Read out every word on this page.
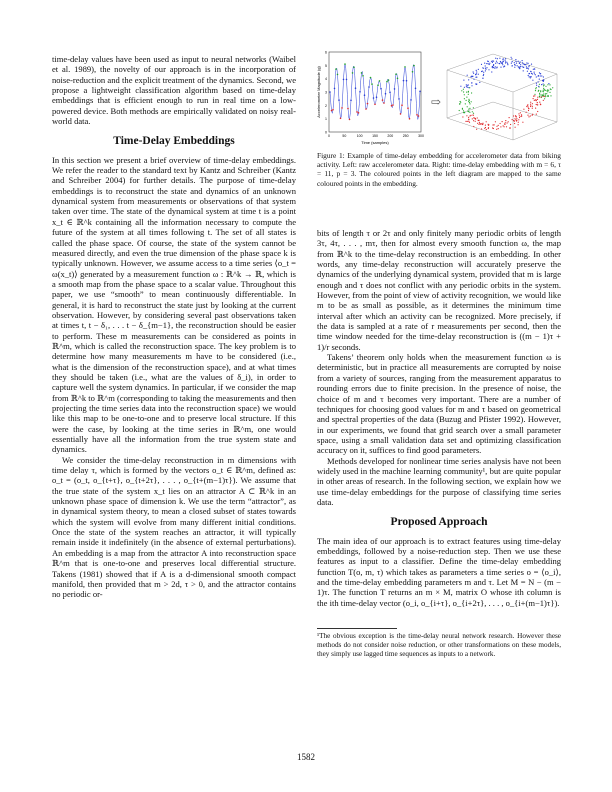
time-delay values have been used as input to neural networks (Waibel et al. 1989), the novelty of our approach is in the incorporation of noise-reduction and the explicit treatment of the dynamics. Second, we propose a lightweight classification algorithm based on time-delay embeddings that is efficient enough to run in real time on a low-powered device. Both methods are empirically validated on noisy real-world data.

Time-Delay Embeddings

In this section we present a brief overview of time-delay embeddings. We refer the reader to the standard text by Kantz and Schreiber (Kantz and Schreiber 2004) for further details. The purpose of time-delay embeddings is to reconstruct the state and dynamics of an unknown dynamical system from measurements or observations of that system taken over time. The state of the dynamical system at time t is a point x_t ∈ ℝ^k containing all the information necessary to compute the future of the system at all times following t. The set of all states is called the phase space. Of course, the state of the system cannot be measured directly, and even the true dimension of the phase space k is typically unknown. However, we assume access to a time series ⟨o_t = ω(x_t)⟩ generated by a measurement function ω : ℝ^k → ℝ, which is a smooth map from the phase space to a scalar value. Throughout this paper, we use “smooth” to mean continuously differentiable. In general, it is hard to reconstruct the state just by looking at the current observation. However, by considering several past observations taken at times t, t − δ₁, . . . t − δ_{m−1}, the reconstruction should be easier to perform. These m measurements can be considered as points in ℝ^m, which is called the reconstruction space. The key problem is to determine how many measurements m have to be considered (i.e., what is the dimension of the reconstruction space), and at what times they should be taken (i.e., what are the values of δ_i), in order to capture well the system dynamics. In particular, if we consider the map from ℝ^k to ℝ^m (corresponding to taking the measurements and then projecting the time series data into the reconstruction space) we would like this map to be one-to-one and to preserve local structure. If this were the case, by looking at the time series in ℝ^m, one would essentially have all the information from the true system state and dynamics.

We consider the time-delay reconstruction in m dimensions with time delay τ, which is formed by the vectors o_t ∈ ℝ^m, defined as: o_t = (o_t, o_{t+τ}, o_{t+2τ}, . . . , o_{t+(m−1)τ}). We assume that the true state of the system x_t lies on an attractor A ⊂ ℝ^k in an unknown phase space of dimension k. We use the term “attractor”, as in dynamical system theory, to mean a closed subset of states towards which the system will evolve from many different initial conditions. Once the state of the system reaches an attractor, it will typically remain inside it indefinitely (in the absence of external perturbations). An embedding is a map from the attractor A into reconstruction space ℝ^m that is one-to-one and preserves local differential structure. Takens (1981) showed that if A is a d-dimensional smooth compact manifold, then provided that m > 2d, τ > 0, and the attractor contains no periodic or-

0
1
2
3
4
5
6
0	50	100	150	200	250	300
Time (samples)
Accelerometer Magnitude (g)	⇨
Figure 1: Example of time-delay embedding for accelerometer data from biking activity. Left: raw accelerometer data. Right: time-delay embedding with m = 6, τ = 11, p = 3. The coloured points in the left diagram are mapped to the same coloured points in the embedding.

bits of length τ or 2τ and only finitely many periodic orbits of length 3τ, 4τ, . . . , mτ, then for almost every smooth function ω, the map from ℝ^k to the time-delay reconstruction is an embedding. In other words, any time-delay reconstruction will accurately preserve the dynamics of the underlying dynamical system, provided that m is large enough and τ does not conflict with any periodic orbits in the system. However, from the point of view of activity recognition, we would like m to be as small as possible, as it determines the minimum time interval after which an activity can be recognized. More precisely, if the data is sampled at a rate of r measurements per second, then the time window needed for the time-delay reconstruction is ((m − 1)τ + 1)/r seconds.

Takens’ theorem only holds when the measurement function ω is deterministic, but in practice all measurements are corrupted by noise from a variety of sources, ranging from the measurement apparatus to rounding errors due to finite precision. In the presence of noise, the choice of m and τ becomes very important. There are a number of techniques for choosing good values for m and τ based on geometrical and spectral properties of the data (Buzug and Pfister 1992). However, in our experiments, we found that grid search over a small parameter space, using a small validation data set and optimizing classification accuracy on it, suffices to find good parameters.

Methods developed for nonlinear time series analysis have not been widely used in the machine learning community¹, but are quite popular in other areas of research. In the following section, we explain how we use time-delay embeddings for the purpose of classifying time series data.

Proposed Approach

The main idea of our approach is to extract features using time-delay embeddings, followed by a noise-reduction step. Then we use these features as input to a classifier. Define the time-delay embedding function T(o, m, τ) which takes as parameters a time series o = ⟨o_i⟩, and the time-delay embedding parameters m and τ. Let M = N − (m − 1)τ. The function T returns an m × M, matrix O whose ith column is the ith time-delay vector (o_i, o_{i+τ}, o_{i+2τ}, . . . , o_{i+(m−1)τ}).

¹The obvious exception is the time-delay neural network research. However these methods do not consider noise reduction, or other transformations on these models, they simply use lagged time sequences as inputs to a network.
1582
